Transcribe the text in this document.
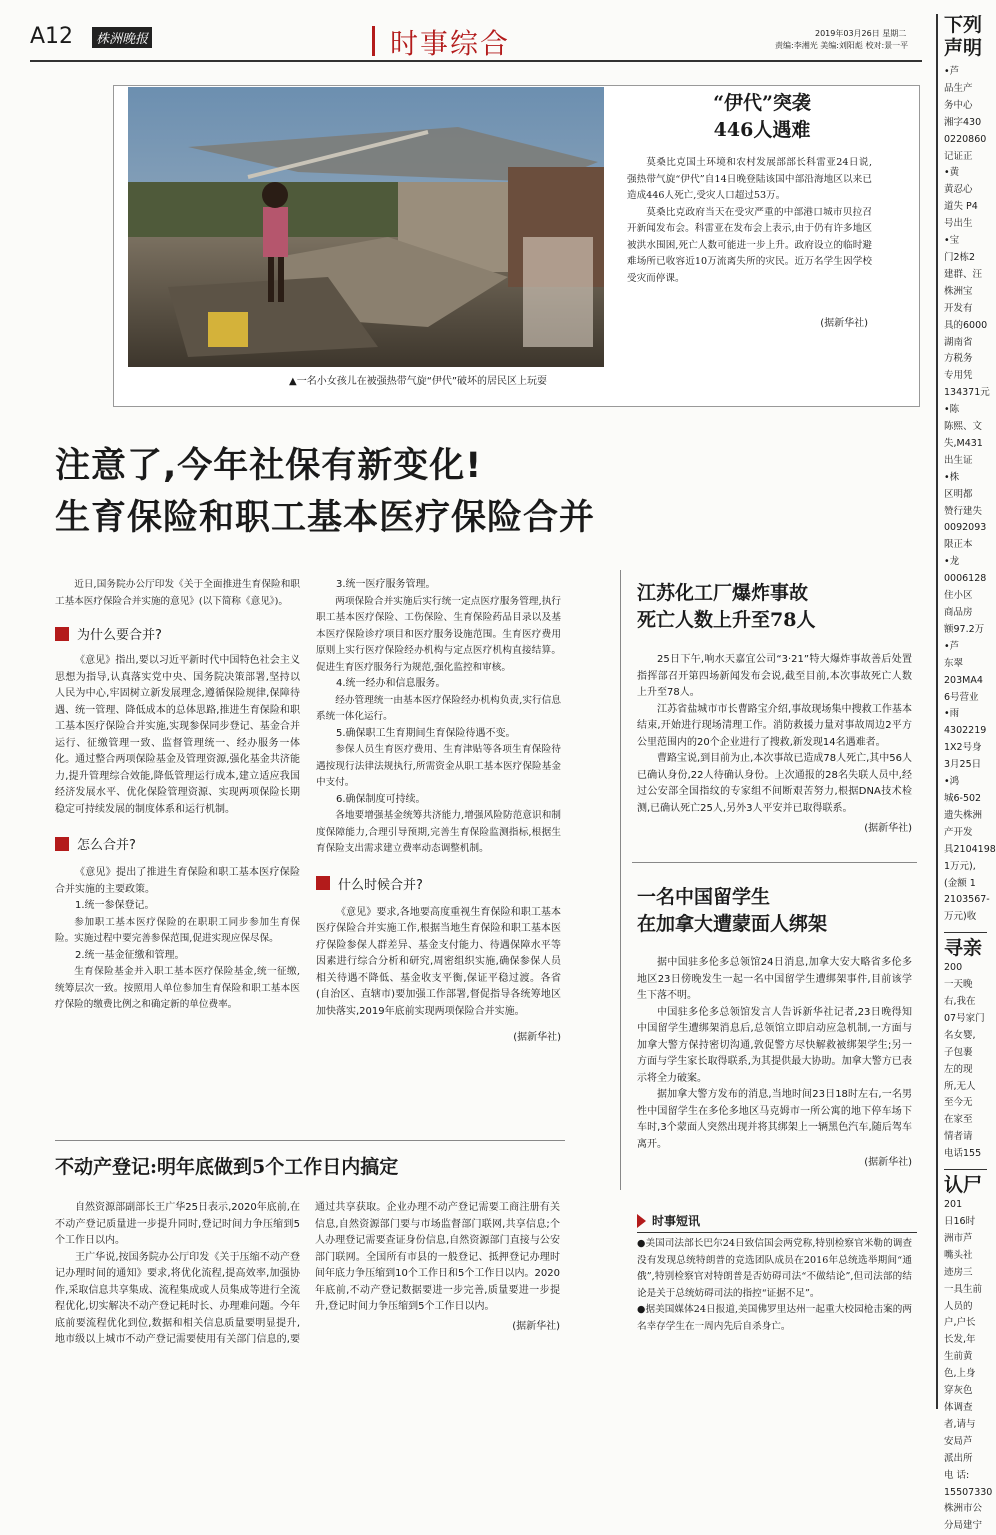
A12	株洲晚报	时事综合	2019年03月26日 星期二
责编:李湘光 美编:刘阳彪 校对:景一平
▲一名小女孩儿在被强热带气旋“伊代”破坏的居民区上玩耍
“伊代”突袭
446人遇难

莫桑比克国土环境和农村发展部部长科雷亚24日说,强热带气旋“伊代”自14日晚登陆该国中部沿海地区以来已造成446人死亡,受灾人口超过53万。

莫桑比克政府当天在受灾严重的中部港口城市贝拉召开新闻发布会。科雷亚在发布会上表示,由于仍有许多地区被洪水围困,死亡人数可能进一步上升。政府设立的临时避难场所已收容近10万流离失所的灾民。近万名学生因学校受灾而停课。

(据新华社)
注意了,今年社保有新变化!
生育保险和职工基本医疗保险合并

近日,国务院办公厅印发《关于全面推进生育保险和职工基本医疗保险合并实施的意见》(以下简称《意见》)。

为什么要合并?

《意见》指出,要以习近平新时代中国特色社会主义思想为指导,认真落实党中央、国务院决策部署,坚持以人民为中心,牢固树立新发展理念,遵循保险规律,保障待遇、统一管理、降低成本的总体思路,推进生育保险和职工基本医疗保险合并实施,实现参保同步登记、基金合并运行、征缴管理一致、监督管理统一、经办服务一体化。通过整合两项保险基金及管理资源,强化基金共济能力,提升管理综合效能,降低管理运行成本,建立适应我国经济发展水平、优化保险管理资源、实现两项保险长期稳定可持续发展的制度体系和运行机制。

怎么合并?

《意见》提出了推进生育保险和职工基本医疗保险合并实施的主要政策。

1.统一参保登记。

参加职工基本医疗保险的在职职工同步参加生育保险。实施过程中要完善参保范围,促进实现应保尽保。

2.统一基金征缴和管理。

生育保险基金并入职工基本医疗保险基金,统一征缴,统筹层次一致。按照用人单位参加生育保险和职工基本医疗保险的缴费比例之和确定新的单位费率。

3.统一医疗服务管理。

两项保险合并实施后实行统一定点医疗服务管理,执行职工基本医疗保险、工伤保险、生育保险药品目录以及基本医疗保险诊疗项目和医疗服务设施范围。生育医疗费用原则上实行医疗保险经办机构与定点医疗机构直接结算。促进生育医疗服务行为规范,强化监控和审核。

4.统一经办和信息服务。

经办管理统一由基本医疗保险经办机构负责,实行信息系统一体化运行。

5.确保职工生育期间生育保险待遇不变。

参保人员生育医疗费用、生育津贴等各项生育保险待遇按现行法律法规执行,所需资金从职工基本医疗保险基金中支付。

6.确保制度可持续。

各地要增强基金统筹共济能力,增强风险防范意识和制度保障能力,合理引导预期,完善生育保险监测指标,根据生育保险支出需求建立费率动态调整机制。

什么时候合并?

《意见》要求,各地要高度重视生育保险和职工基本医疗保险合并实施工作,根据当地生育保险和职工基本医疗保险参保人群差异、基金支付能力、待遇保障水平等因素进行综合分析和研究,周密组织实施,确保参保人员相关待遇不降低、基金收支平衡,保证平稳过渡。各省(自治区、直辖市)要加强工作部署,督促指导各统筹地区加快落实,2019年底前实现两项保险合并实施。

(据新华社)
江苏化工厂爆炸事故
死亡人数上升至78人

25日下午,响水天嘉宜公司“3·21”特大爆炸事故善后处置指挥部召开第四场新闻发布会说,截至目前,本次事故死亡人数上升至78人。

江苏省盐城市市长曹路宝介绍,事故现场集中搜救工作基本结束,开始进行现场清理工作。消防救援力量对事故周边2平方公里范围内的20个企业进行了搜救,新发现14名遇难者。

曹路宝说,到目前为止,本次事故已造成78人死亡,其中56人已确认身份,22人待确认身份。上次通报的28名失联人员中,经过公安部全国指纹的专家组不间断艰苦努力,根据DNA技术检测,已确认死亡25人,另外3人平安并已取得联系。

(据新华社)
一名中国留学生
在加拿大遭蒙面人绑架

据中国驻多伦多总领馆24日消息,加拿大安大略省多伦多地区23日傍晚发生一起一名中国留学生遭绑架事件,目前该学生下落不明。

中国驻多伦多总领馆发言人告诉新华社记者,23日晚得知中国留学生遭绑架消息后,总领馆立即启动应急机制,一方面与加拿大警方保持密切沟通,敦促警方尽快解救被绑架学生;另一方面与学生家长取得联系,为其提供最大协助。加拿大警方已表示将全力破案。

据加拿大警方发布的消息,当地时间23日18时左右,一名男性中国留学生在多伦多地区马克姆市一所公寓的地下停车场下车时,3个蒙面人突然出现并将其绑架上一辆黑色汽车,随后驾车离开。

(据新华社)
时事短讯

●美国司法部长巴尔24日致信国会两党称,特别检察官米勒的调查没有发现总统特朗普的竞选团队成员在2016年总统选举期间“通俄”,特别检察官对特朗普是否妨碍司法“不做结论”,但司法部的结论是关于总统妨碍司法的指控“证据不足”。

●据美国媒体24日报道,美国佛罗里达州一起重大校园枪击案的两名幸存学生在一周内先后自杀身亡。

不动产登记:明年底做到5个工作日内搞定

自然资源部副部长王广华25日表示,2020年底前,在不动产登记质量进一步提升同时,登记时间力争压缩到5个工作日以内。

王广华说,按国务院办公厅印发《关于压缩不动产登记办理时间的通知》要求,将优化流程,提高效率,加强协作,采取信息共享集成、流程集成或人员集成等进行全流程优化,切实解决不动产登记耗时长、办理难问题。今年底前要流程优化到位,数据和相关信息质量要明显提升,地市级以上城市不动产登记需要使用有关部门信息的,要通过共享获取。企业办理不动产登记需要工商注册有关信息,自然资源部门要与市场监督部门联网,共享信息;个人办理登记需要查证身份信息,自然资源部门直接与公安部门联网。全国所有市县的一般登记、抵押登记办理时间年底力争压缩到10个工作日和5个工作日以内。2020年底前,不动产登记数据要进一步完善,质量要进一步提升,登记时间力争压缩到5个工作日以内。

(据新华社)
下列
声明
•芦
品生产
务中心
湘字430
0220860
记证正
•黄
黄忍心
道失 P4
号出生
•宝
门2栋2
建群、汪
株洲宝
开发有
具的6000
湖南省
方税务
专用凭
134371元
•陈
陈熙、文
失,M431
出生证
•株
区明都
赞行建失
0092093
限正本
•龙
0006128
住小区
商品房
额97.2万
•芦
东翠
203MA4
6号营业
•雨
4302219
1X2号身
3月25日
•鸿
城6-502
遗失株洲
产开发
具2104198
1万元),
(金额 1
2103567-
万元)收
寻亲
200
一天晚
右,我在
07号家门
名女婴,
子包裹
左的现
所,无人
至今无
在家至
情者请
电话155
认尸
201
日16时
洲市芦
嘴头社
迹房三
一具生前
人员的
户,户长
长发,年
生前黄
色,上身
穿灰色
体调查
者,请与
安局芦
派出所
电 话:
15507330
株洲市公
分局建宁
